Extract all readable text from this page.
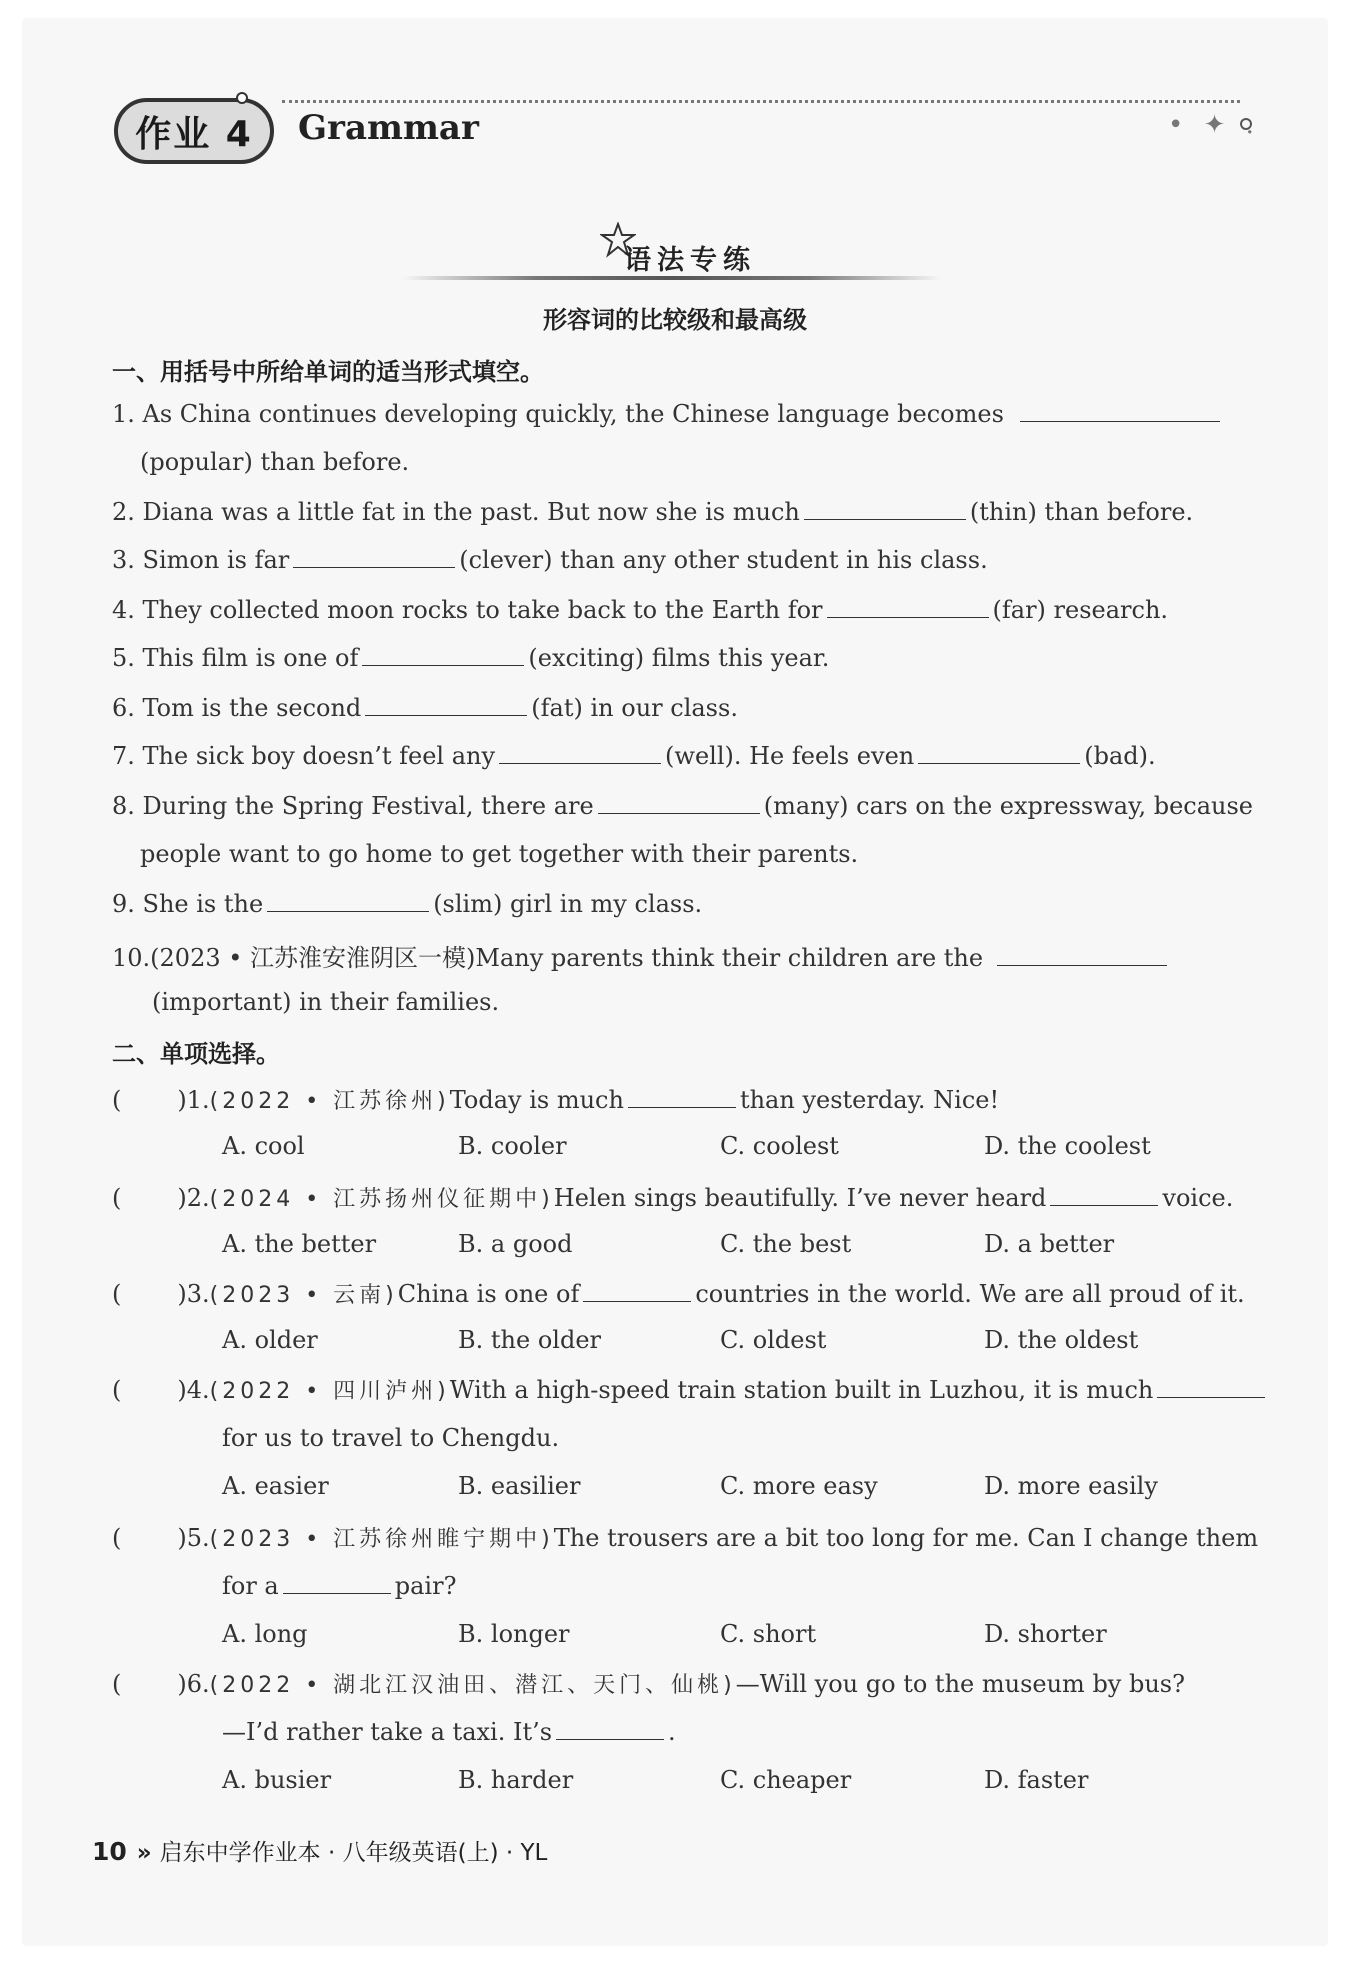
作业 4	Grammar	• ✦ .
语法专练
形容词的比较级和最高级
一、用括号中所给单词的适当形式填空。
1. As China continues developing quickly, the Chinese language becomes
(popular) than before.
2. Diana was a little fat in the past. But now she is much	(thin) than before.
3. Simon is far	(clever) than any other student in his class.
4. They collected moon rocks to take back to the Earth for	(far) research.
5. This film is one of	(exciting) films this year.
6. Tom is the second	(fat) in our class.
7. The sick boy doesn’t feel any	(well). He feels even	(bad).
8. During the Spring Festival, there are	(many) cars on the expressway, because
people want to go home to get together with their parents.
9. She is the	(slim) girl in my class.
10.(2023 • 江苏淮安淮阴区一模)Many parents think their children are the
(important) in their families.
二、单项选择。
( )1.(2022 • 江苏徐州)Today is much	than yesterday. Nice!
A. cool	B. cooler	C. coolest	D. the coolest
( )2.(2024 • 江苏扬州仪征期中)Helen sings beautifully. I’ve never heard	voice.
A. the better	B. a good	C. the best	D. a better
( )3.(2023 • 云南)China is one of	countries in the world. We are all proud of it.
A. older	B. the older	C. oldest	D. the oldest
( )4.(2022 • 四川泸州)With a high-speed train station built in Luzhou, it is much
for us to travel to Chengdu.
A. easier	B. easilier	C. more easy	D. more easily
( )5.(2023 • 江苏徐州睢宁期中)The trousers are a bit too long for me. Can I change them
for a	pair?
A. long	B. longer	C. short	D. shorter
( )6.(2022 • 湖北江汉油田、潜江、天门、仙桃)—Will you go to the museum by bus?
—I’d rather take a taxi. It’s	.
A. busier	B. harder	C. cheaper	D. faster
10 » 启东中学作业本 · 八年级英语(上) · YL
